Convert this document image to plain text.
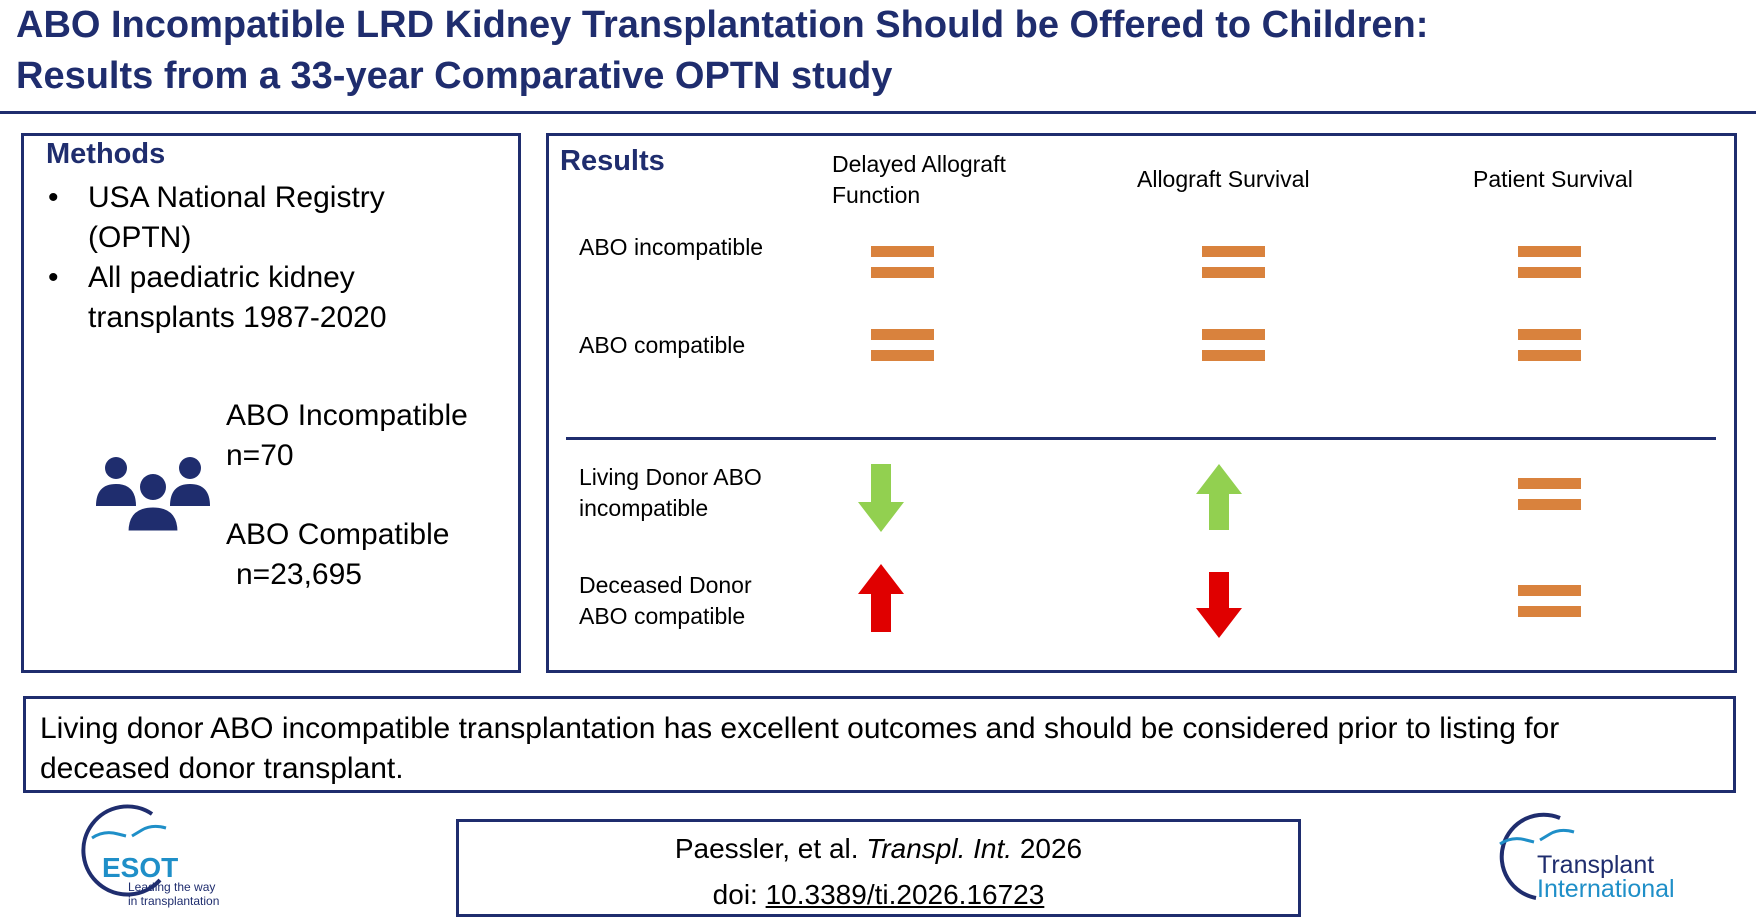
ABO Incompatible LRD Kidney Transplantation Should be Offered to Children:
Results from a 33-year Comparative OPTN study
Methods
• USA National Registry
(OPTN)
• All paediatric kidney
transplants 1987-2020
ABO Incompatible
n=70
ABO Compatible
n=23,695
Results	Delayed Allograft
Function
Allograft Survival	Patient Survival
ABO incompatible
ABO compatible
Living Donor ABO
incompatible
Deceased Donor
ABO compatible
Living donor ABO incompatible transplantation has excellent outcomes and should be considered prior to listing for
deceased donor transplant.
ESOT
Leading the way
in transplantation
Paessler, et al. Transpl. Int. 2026
doi: 10.3389/ti.2026.16723
Transplant
International
